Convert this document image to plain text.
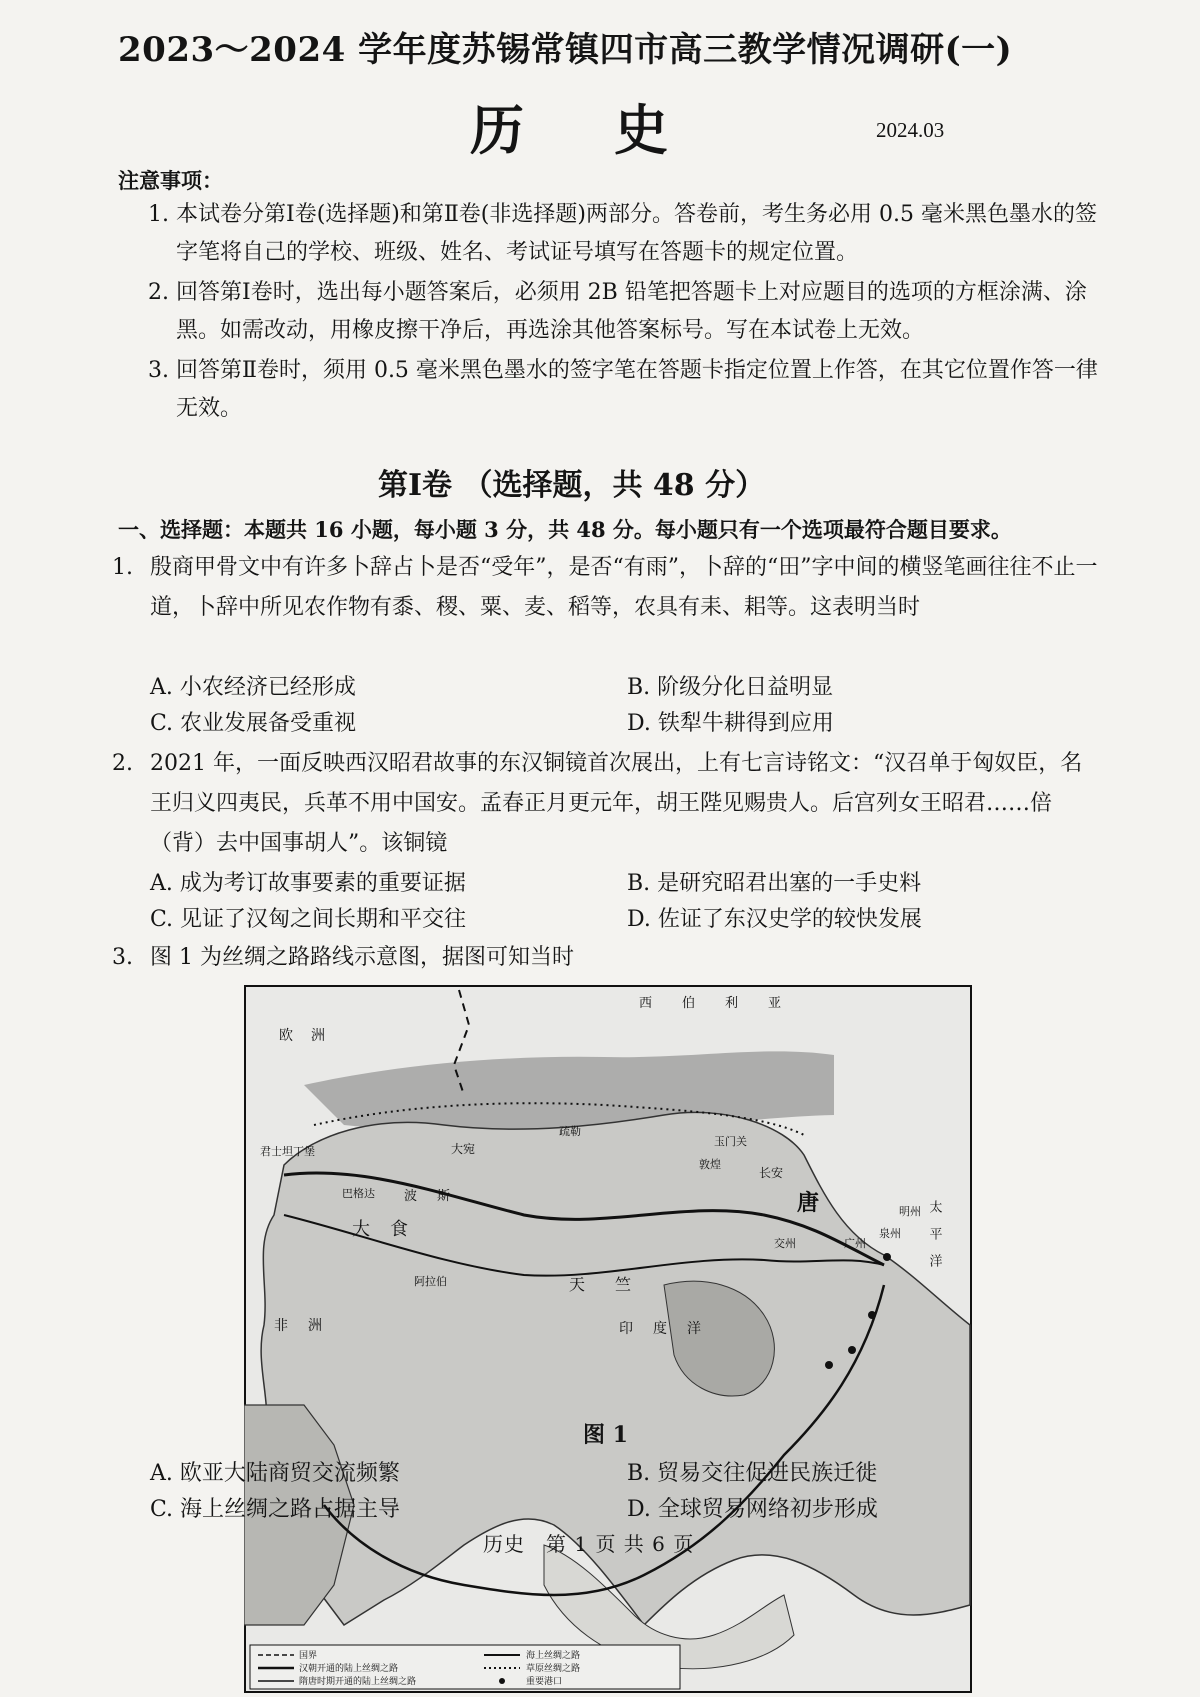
2023～2024 学年度苏锡常镇四市高三教学情况调研(一)
历史	2024.03
注意事项：
1. 本试卷分第Ⅰ卷(选择题)和第Ⅱ卷(非选择题)两部分。答卷前，考生务必用 0.5 毫米黑色墨水的签字笔将自己的学校、班级、姓名、考试证号填写在答题卡的规定位置。
2. 回答第Ⅰ卷时，选出每小题答案后，必须用 2B 铅笔把答题卡上对应题目的选项的方框涂满、涂黑。如需改动，用橡皮擦干净后，再选涂其他答案标号。写在本试卷上无效。
3. 回答第Ⅱ卷时，须用 0.5 毫米黑色墨水的签字笔在答题卡指定位置上作答，在其它位置作答一律无效。
第Ⅰ卷 （选择题，共 48 分）
一、选择题：本题共 16 小题，每小题 3 分，共 48 分。每小题只有一个选项最符合题目要求。
1. 殷商甲骨文中有许多卜辞占卜是否“受年”，是否“有雨”，卜辞的“田”字中间的横竖笔画往往不止一道，卜辞中所见农作物有黍、稷、粟、麦、稻等，农具有耒、耜等。这表明当时
A. 小农经济已经形成	B. 阶级分化日益明显
C. 农业发展备受重视	D. 铁犁牛耕得到应用
2. 2021 年，一面反映西汉昭君故事的东汉铜镜首次展出，上有七言诗铭文：“汉召单于匈奴臣，名王归义四夷民，兵革不用中国安。孟春正月更元年，胡王陛见赐贵人。后宫列女王昭君……倍（背）去中国事胡人”。该铜镜
A. 成为考订故事要素的重要证据	B. 是研究昭君出塞的一手史料
C. 见证了汉匈之间长期和平交往	D. 佐证了东汉史学的较快发展
3. 图 1 为丝绸之路路线示意图，据图可知当时
西伯利亚
欧洲
君士坦丁堡	大宛
疏勒
敦煌
玉门关
长安
唐
波斯
大食
巴格达
天竺
交州	广州
泉州
明州
非洲
太平洋
印度洋
阿拉伯
国界
汉朝开通的陆上丝绸之路
隋唐时期开通的陆上丝绸之路
海上丝绸之路
草原丝绸之路
重要港口
图 1
A. 欧亚大陆商贸交流频繁	B. 贸易交往促进民族迁徙
C. 海上丝绸之路占据主导	D. 全球贸易网络初步形成
历史　第 1 页 共 6 页
